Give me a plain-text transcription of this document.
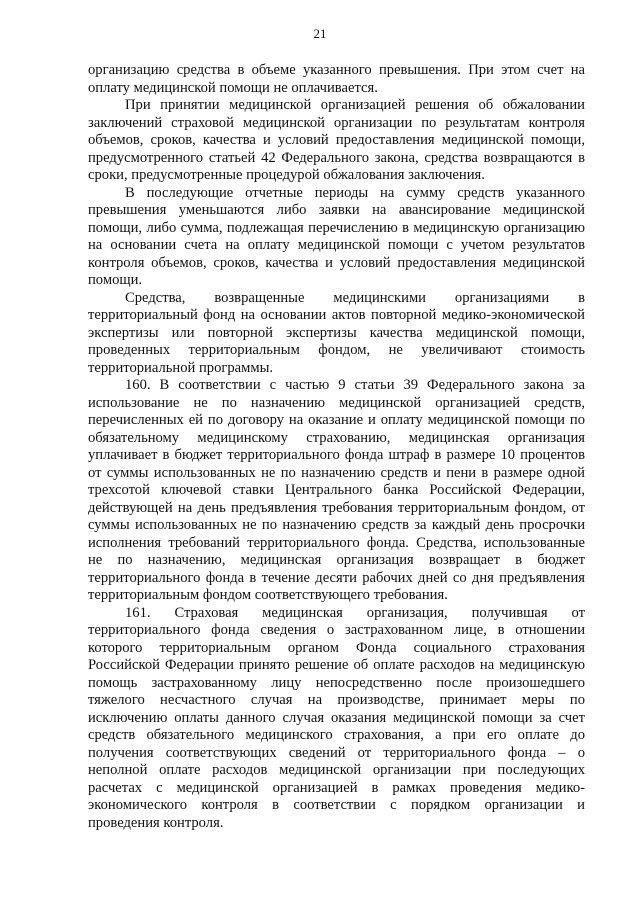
21

организацию средства в объеме указанного превышения. При этом счет на оплату медицинской помощи не оплачивается.

При принятии медицинской организацией решения об обжаловании заключений страховой медицинской организации по результатам контроля объемов, сроков, качества и условий предоставления медицинской помощи, предусмотренного статьей 42 Федерального закона, средства возвращаются в сроки, предусмотренные процедурой обжалования заключения.

В последующие отчетные периоды на сумму средств указанного превышения уменьшаются либо заявки на авансирование медицинской помощи, либо сумма, подлежащая перечислению в медицинскую организацию на основании счета на оплату медицинской помощи с учетом результатов контроля объемов, сроков, качества и условий предоставления медицинской помощи.

Средства, возвращенные медицинскими организациями в территориальный фонд на основании актов повторной медико-экономической экспертизы или повторной экспертизы качества медицинской помощи, проведенных территориальным фондом, не увеличивают стоимость территориальной программы.

160. В соответствии с частью 9 статьи 39 Федерального закона за использование не по назначению медицинской организацией средств, перечисленных ей по договору на оказание и оплату медицинской помощи по обязательному медицинскому страхованию, медицинская организация уплачивает в бюджет территориального фонда штраф в размере 10 процентов от суммы использованных не по назначению средств и пени в размере одной трехсотой ключевой ставки Центрального банка Российской Федерации, действующей на день предъявления требования территориальным фондом, от суммы использованных не по назначению средств за каждый день просрочки исполнения требований территориального фонда. Средства, использованные не по назначению, медицинская организация возвращает в бюджет территориального фонда в течение десяти рабочих дней со дня предъявления территориальным фондом соответствующего требования.

161. Страховая медицинская организация, получившая от территориального фонда сведения о застрахованном лице, в отношении которого территориальным органом Фонда социального страхования Российской Федерации принято решение об оплате расходов на медицинскую помощь застрахованному лицу непосредственно после произошедшего тяжелого несчастного случая на производстве, принимает меры по исключению оплаты данного случая оказания медицинской помощи за счет средств обязательного медицинского страхования, а при его оплате до получения соответствующих сведений от территориального фонда – о неполной оплате расходов медицинской организации при последующих расчетах с медицинской организацией в рамках проведения медико-экономического контроля в соответствии с порядком организации и проведения контроля.
